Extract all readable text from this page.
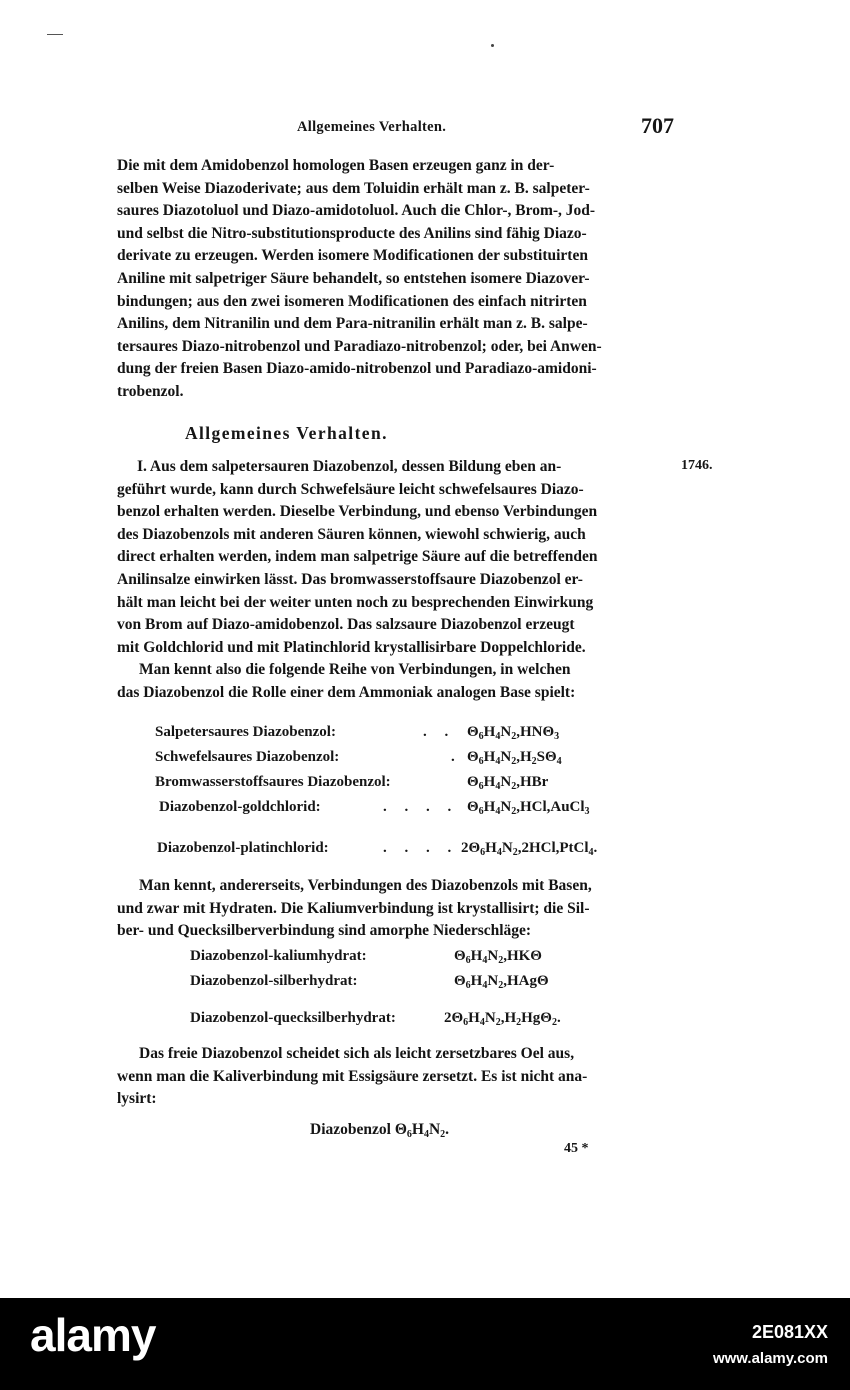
Allgemeines Verhalten.	707

Die mit dem Amidobenzol homologen Basen erzeugen ganz in der-
selben Weise Diazoderivate; aus dem Toluidin erhält man z. B. salpeter-
saures Diazotoluol und Diazo-amidotoluol. Auch die Chlor-, Brom-, Jod-
und selbst die Nitro-substitutionsproducte des Anilins sind fähig Diazo-
derivate zu erzeugen. Werden isomere Modificationen der substituirten
Aniline mit salpetriger Säure behandelt, so entstehen isomere Diazover-
bindungen; aus den zwei isomeren Modificationen des einfach nitrirten
Anilins, dem Nitranilin und dem Para-nitranilin erhält man z. B. salpe-
tersaures Diazo-nitrobenzol und Paradiazo-nitrobenzol; oder, bei Anwen-
dung der freien Basen Diazo-amido-nitrobenzol und Paradiazo-amidoni-
trobenzol.

Allgemeines Verhalten.
1746.

I. Aus dem salpetersauren Diazobenzol, dessen Bildung eben an-
geführt wurde, kann durch Schwefelsäure leicht schwefelsaures Diazo-
benzol erhalten werden. Dieselbe Verbindung, und ebenso Verbindungen
des Diazobenzols mit anderen Säuren können, wiewohl schwierig, auch
direct erhalten werden, indem man salpetrige Säure auf die betreffenden
Anilinsalze einwirken lässt. Das bromwasserstoffsaure Diazobenzol er-
hält man leicht bei der weiter unten noch zu besprechenden Einwirkung
von Brom auf Diazo-amidobenzol. Das salzsaure Diazobenzol erzeugt
mit Goldchlorid und mit Platinchlorid krystallisirbare Doppelchloride.
Man kennt also die folgende Reihe von Verbindungen, in welchen
das Diazobenzol die Rolle einer dem Ammoniak analogen Base spielt:

Salpetersaures Diazobenzol:	. . $\Theta_6H_4N_2,HN\Theta_3$
Schwefelsaures Diazobenzol:	. $\Theta_6H_4N_2,H_2S\Theta_4$
Bromwasserstoffsaures Diazobenzol:	$\Theta_6H_4N_2,HBr$
Diazobenzol-goldchlorid:	. . . . $\Theta_6H_4N_2,HCl,AuCl_3$
Diazobenzol-platinchlorid:	. . . . $2\Theta_6H_4N_2,2HCl,PtCl_4$.

Man kennt, andererseits, Verbindungen des Diazobenzols mit Basen,
und zwar mit Hydraten. Die Kaliumverbindung ist krystallisirt; die Sil-
ber- und Quecksilberverbindung sind amorphe Niederschläge:

Diazobenzol-kaliumhydrat:	$\Theta_6H_4N_2,HK\Theta$
Diazobenzol-silberhydrat:	$\Theta_6H_4N_2,HAg\Theta$
Diazobenzol-quecksilberhydrat:	$2\Theta_6H_4N_2,H_2Hg\Theta_2$.

Das freie Diazobenzol scheidet sich als leicht zersetzbares Oel aus,
wenn man die Kaliverbindung mit Essigsäure zersetzt. Es ist nicht ana-
lysirt:

Diazobenzol $\Theta_6H_4N_2$.
45 *
alamy	2E081XX
www.alamy.com
